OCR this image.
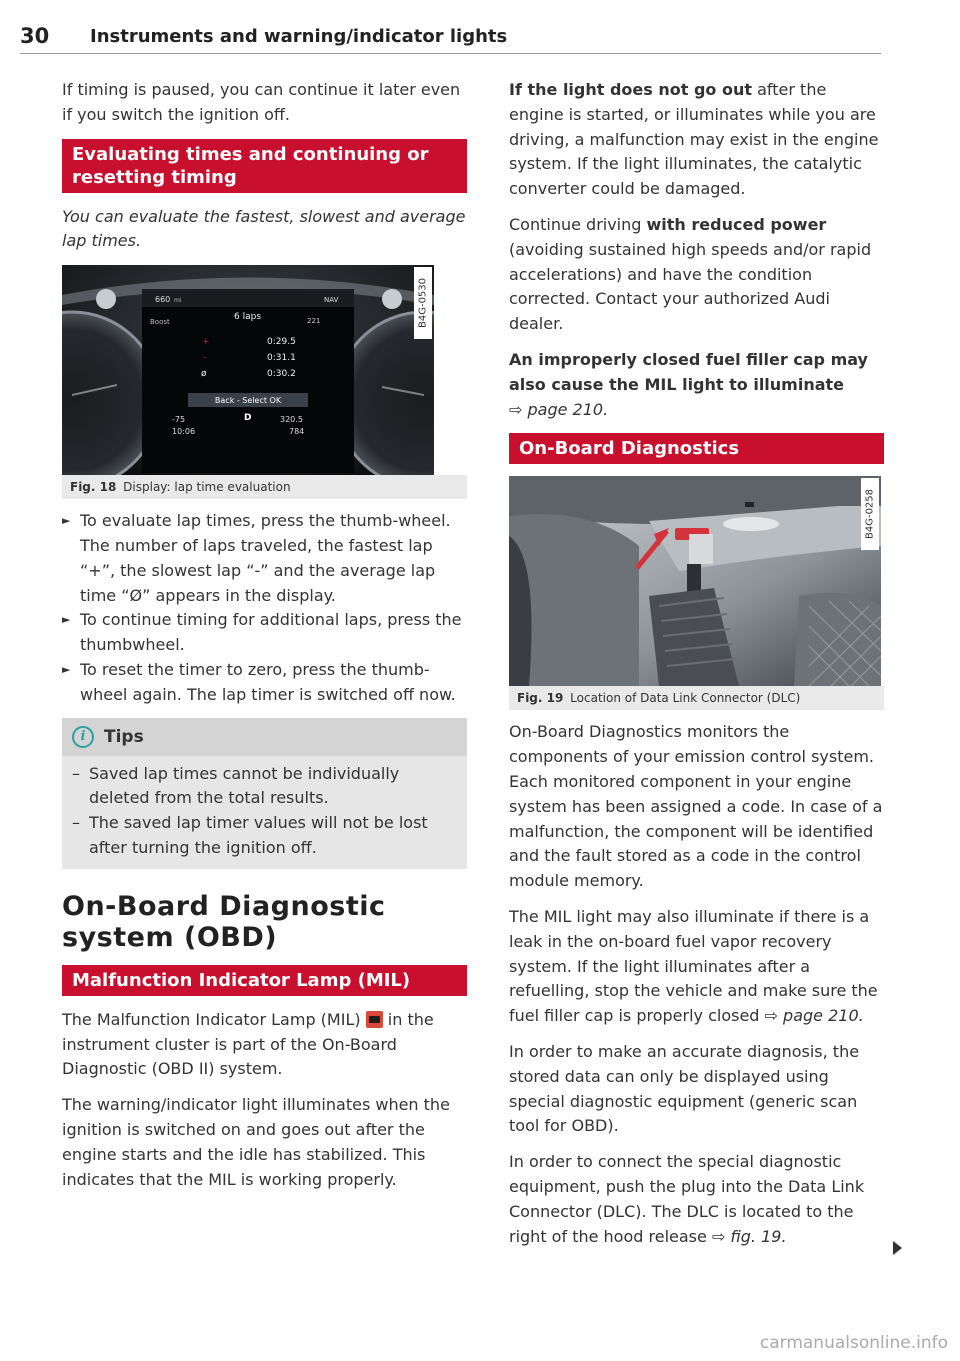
30 Instruments and warning/indicator lights

If timing is paused, you can continue it later even if you switch the ignition off.

Evaluating times and continuing or resetting timing

You can evaluate the fastest, slowest and average lap times.

660 mi	NAV
Boost	6 laps	221
+	0:29.5
-	0:31.1
ø	0:30.2
Back - Select OK
-75	D	320.5
10:06	784
B4G-0530
Fig. 18 Display: lap time evaluation
► To evaluate lap times, press the thumb-wheel. The number of laps traveled, the fastest lap “+”, the slowest lap “-” and the average lap time “Ø” appears in the display.
► To continue timing for additional laps, press the thumbwheel.
► To reset the timer to zero, press the thumb-wheel again. The lap timer is switched off now.
i	Tips
– Saved lap times cannot be individually deleted from the total results.
– The saved lap timer values will not be lost after turning the ignition off.
On-Board Diagnostic system (OBD)
Malfunction Indicator Lamp (MIL)

The Malfunction Indicator Lamp (MIL) in the instrument cluster is part of the On-Board Diagnostic (OBD II) system.

The warning/indicator light illuminates when the ignition is switched on and goes out after the engine starts and the idle has stabilized. This indicates that the MIL is working properly.

If the light does not go out after the engine is started, or illuminates while you are driving, a malfunction may exist in the engine system. If the light illuminates, the catalytic converter could be damaged.

Continue driving with reduced power (avoiding sustained high speeds and/or rapid accelerations) and have the condition corrected. Contact your authorized Audi dealer.

An improperly closed fuel filler cap may also cause the MIL light to illuminate
⇨ page 210.

On-Board Diagnostics
B4G-0258
Fig. 19 Location of Data Link Connector (DLC)

On-Board Diagnostics monitors the components of your emission control system. Each monitored component in your engine system has been assigned a code. In case of a malfunction, the component will be identified and the fault stored as a code in the control module memory.

The MIL light may also illuminate if there is a leak in the on-board fuel vapor recovery system. If the light illuminates after a refuelling, stop the vehicle and make sure the fuel filler cap is properly closed ⇨ page 210.

In order to make an accurate diagnosis, the stored data can only be displayed using special diagnostic equipment (generic scan tool for OBD).

In order to connect the special diagnostic equipment, push the plug into the Data Link Connector (DLC). The DLC is located to the right of the hood release ⇨ fig. 19.

carmanualsonline.info
